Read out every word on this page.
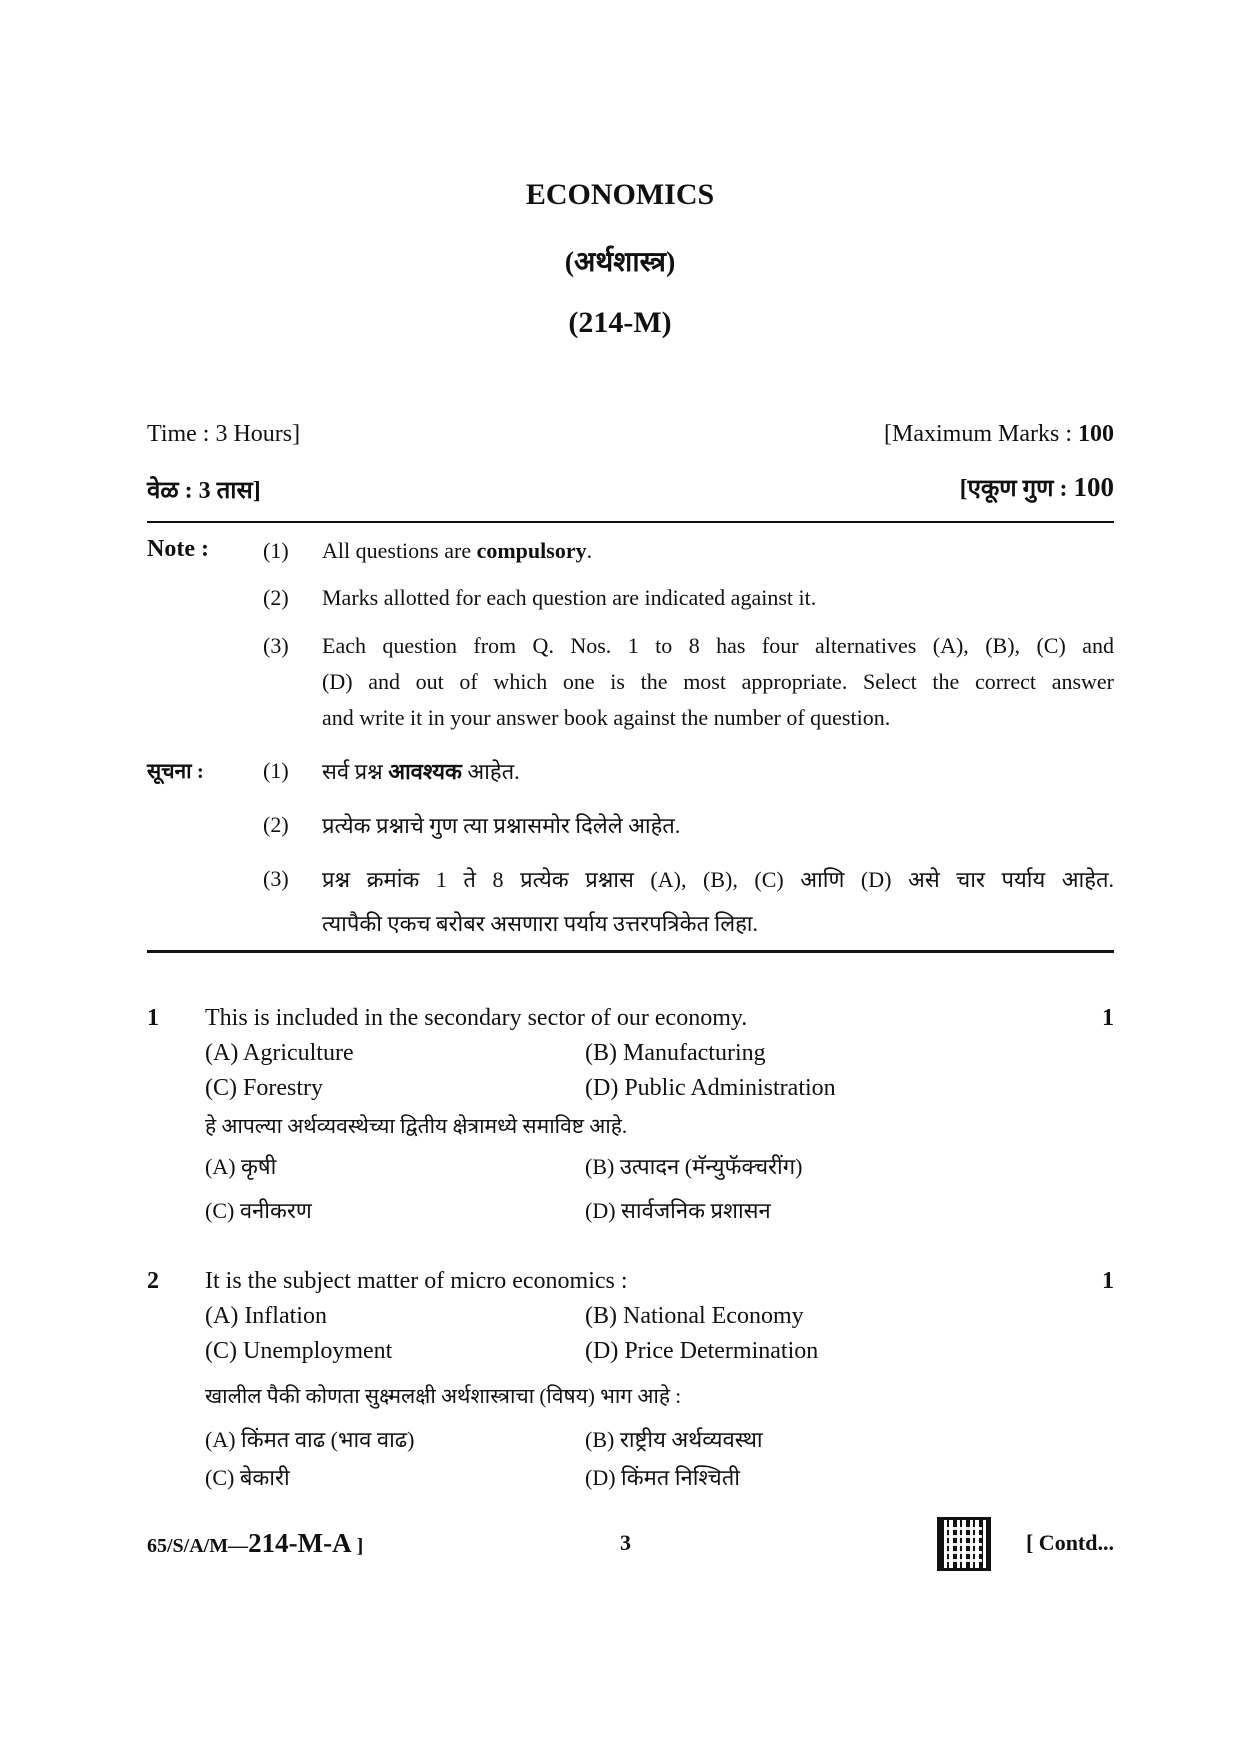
ECONOMICS
(अर्थशास्त्र)
(214-M)
Time : 3 Hours]	[Maximum Marks : 100
वेळ : 3 तास]	[एकूण गुण : 100
Note : (1) All questions are compulsory.
(2) Marks allotted for each question are indicated against it.
(3) Each question from Q. Nos. 1 to 8 has four alternatives (A), (B), (C) and
(D) and out of which one is the most appropriate. Select the correct answer
and write it in your answer book against the number of question.
सूचना :	(1) सर्व प्रश्न आवश्यक आहेत.
(2) प्रत्येक प्रश्नाचे गुण त्या प्रश्नासमोर दिलेले आहेत.
(3) प्रश्न क्रमांक 1 ते 8 प्रत्येक प्रश्नास (A), (B), (C) आणि (D) असे चार पर्याय आहेत.
त्यापैकी एकच बरोबर असणारा पर्याय उत्तरपत्रिकेत लिहा.
1 This is included in the secondary sector of our economy.	1
(A) Agriculture	(B) Manufacturing
(C) Forestry	(D) Public Administration
हे आपल्या अर्थव्यवस्थेच्या द्वितीय क्षेत्रामध्ये समाविष्ट आहे.
(A) कृषी	(B) उत्पादन (मॅन्युफॅक्चरींग)
(C) वनीकरण	(D) सार्वजनिक प्रशासन
2 It is the subject matter of micro economics :	1
(A) Inflation	(B) National Economy
(C) Unemployment	(D) Price Determination
खालील पैकी कोणता सुक्ष्मलक्षी अर्थशास्त्राचा (विषय) भाग आहे :
(A) किंमत वाढ (भाव वाढ)	(B) राष्ट्रीय अर्थव्यवस्था
(C) बेकारी	(D) किंमत निश्चिती
65/S/A/M—214-M-A ]	3	[ Contd...
